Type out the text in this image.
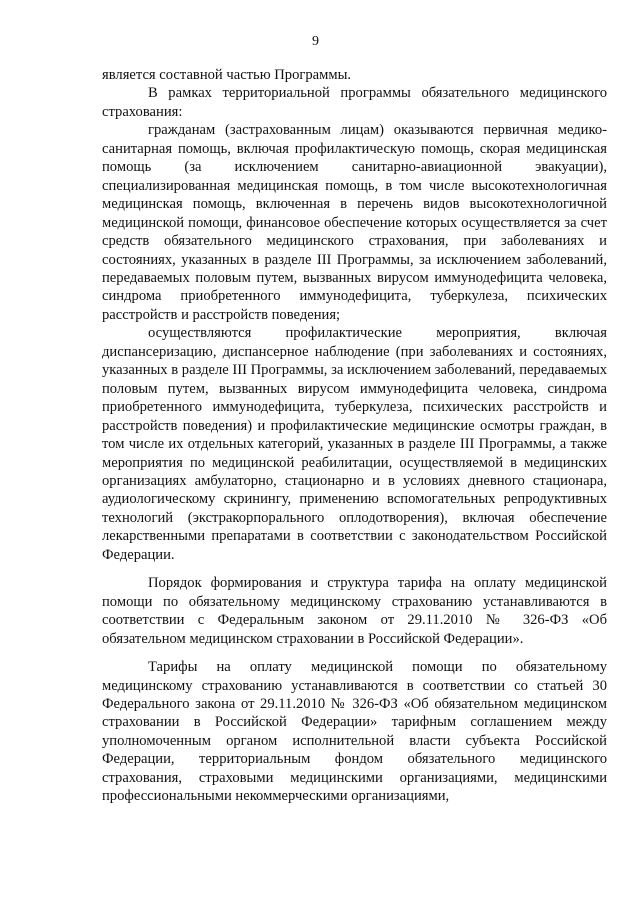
9

является составной частью Программы.

В рамках территориальной программы обязательного медицинского страхования:

гражданам (застрахованным лицам) оказываются первичная медико-санитарная помощь, включая профилактическую помощь, скорая медицинская помощь (за исключением санитарно-авиационной эвакуации), специализированная медицинская помощь, в том числе высокотехнологичная медицинская помощь, включенная в перечень видов высокотехнологичной медицинской помощи, финансовое обеспечение которых осуществляется за счет средств обязательного медицинского страхования, при заболеваниях и состояниях, указанных в разделе III Программы, за исключением заболеваний, передаваемых половым путем, вызванных вирусом иммунодефицита человека, синдрома приобретенного иммунодефицита, туберкулеза, психических расстройств и расстройств поведения;

осуществляются профилактические мероприятия, включая диспансеризацию, диспансерное наблюдение (при заболеваниях и состояниях, указанных в разделе III Программы, за исключением заболеваний, передаваемых половым путем, вызванных вирусом иммунодефицита человека, синдрома приобретенного иммунодефицита, туберкулеза, психических расстройств и расстройств поведения) и профилактические медицинские осмотры граждан, в том числе их отдельных категорий, указанных в разделе III Программы, а также мероприятия по медицинской реабилитации, осуществляемой в медицинских организациях амбулаторно, стационарно и в условиях дневного стационара, аудиологическому скринингу, применению вспомогательных репродуктивных технологий (экстракорпорального оплодотворения), включая обеспечение лекарственными препаратами в соответствии с законодательством Российской Федерации.

Порядок формирования и структура тарифа на оплату медицинской помощи по обязательному медицинскому страхованию устанавливаются в соответствии с Федеральным законом от 29.11.2010 № 326-ФЗ «Об обязательном медицинском страховании в Российской Федерации».

Тарифы на оплату медицинской помощи по обязательному медицинскому страхованию устанавливаются в соответствии со статьей 30 Федерального закона от 29.11.2010 № 326-ФЗ «Об обязательном медицинском страховании в Российской Федерации» тарифным соглашением между уполномоченным органом исполнительной власти субъекта Российской Федерации, территориальным фондом обязательного медицинского страхования, страховыми медицинскими организациями, медицинскими профессиональными некоммерческими организациями,
